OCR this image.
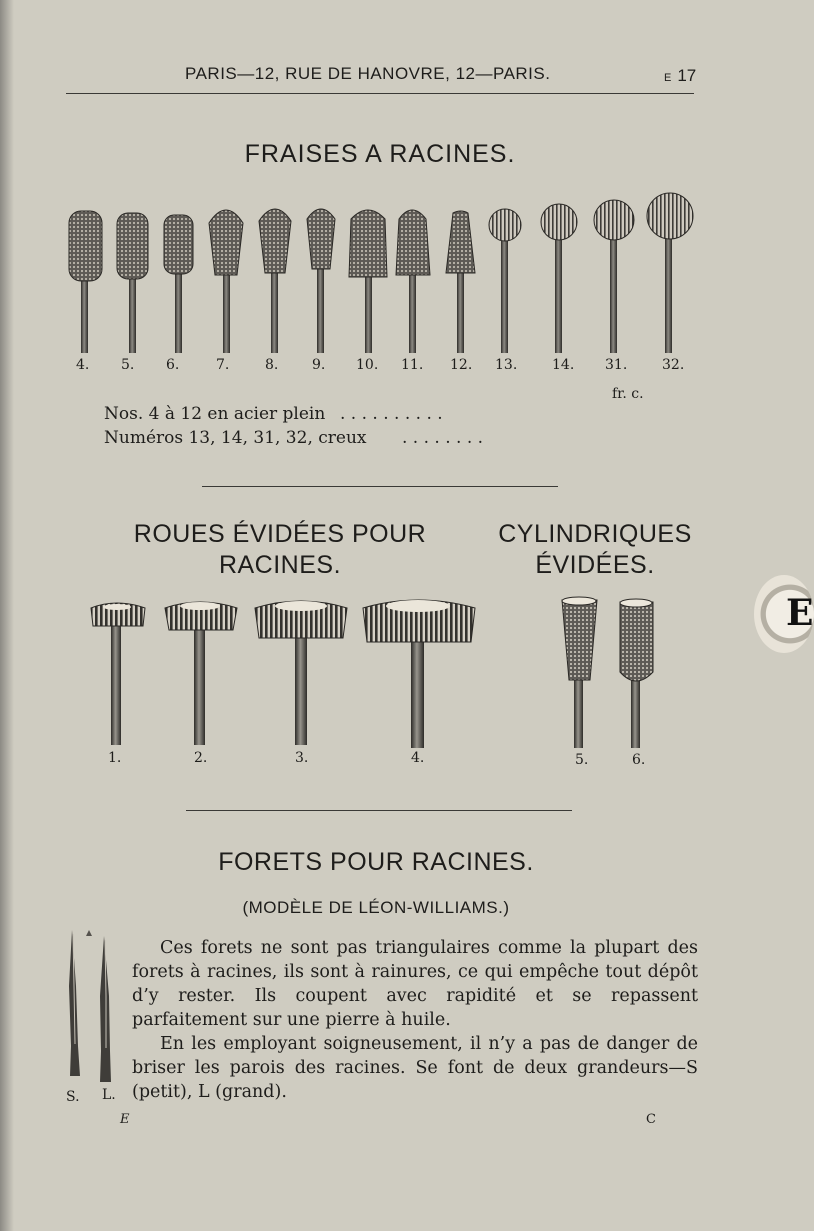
PARIS—12, RUE DE HANOVRE, 12—PARIS.	E 17
FRAISES A RACINES.
4. 5. 6.	7.	8. 9. 10. 11. 12. 13. 14. 31. 32.
fr. c.
Nos. 4 à 12 en acier plein . . . . . . . . . .
Numéros 13, 14, 31, 32, creux . . . . . . . .
ROUES ÉVIDÉES POUR
RACINES.
CYLINDRIQUES
ÉVIDÉES.
1.	2.	3.	4.	5.	6.
FORETS POUR RACINES.
(MODÈLE DE LÉON-WILLIAMS.)
S. L.

Ces forets ne sont pas triangulaires comme la plupart des forets à racines, ils sont à rainures, ce qui empêche tout dépôt d’y rester. Ils coupent avec rapidité et se repassent parfaitement sur une pierre à huile.

En les employant soigneusement, il n’y a pas de danger de briser les parois des racines. Se font de deux grandeurs—S (petit), L (grand).

E	C
E
